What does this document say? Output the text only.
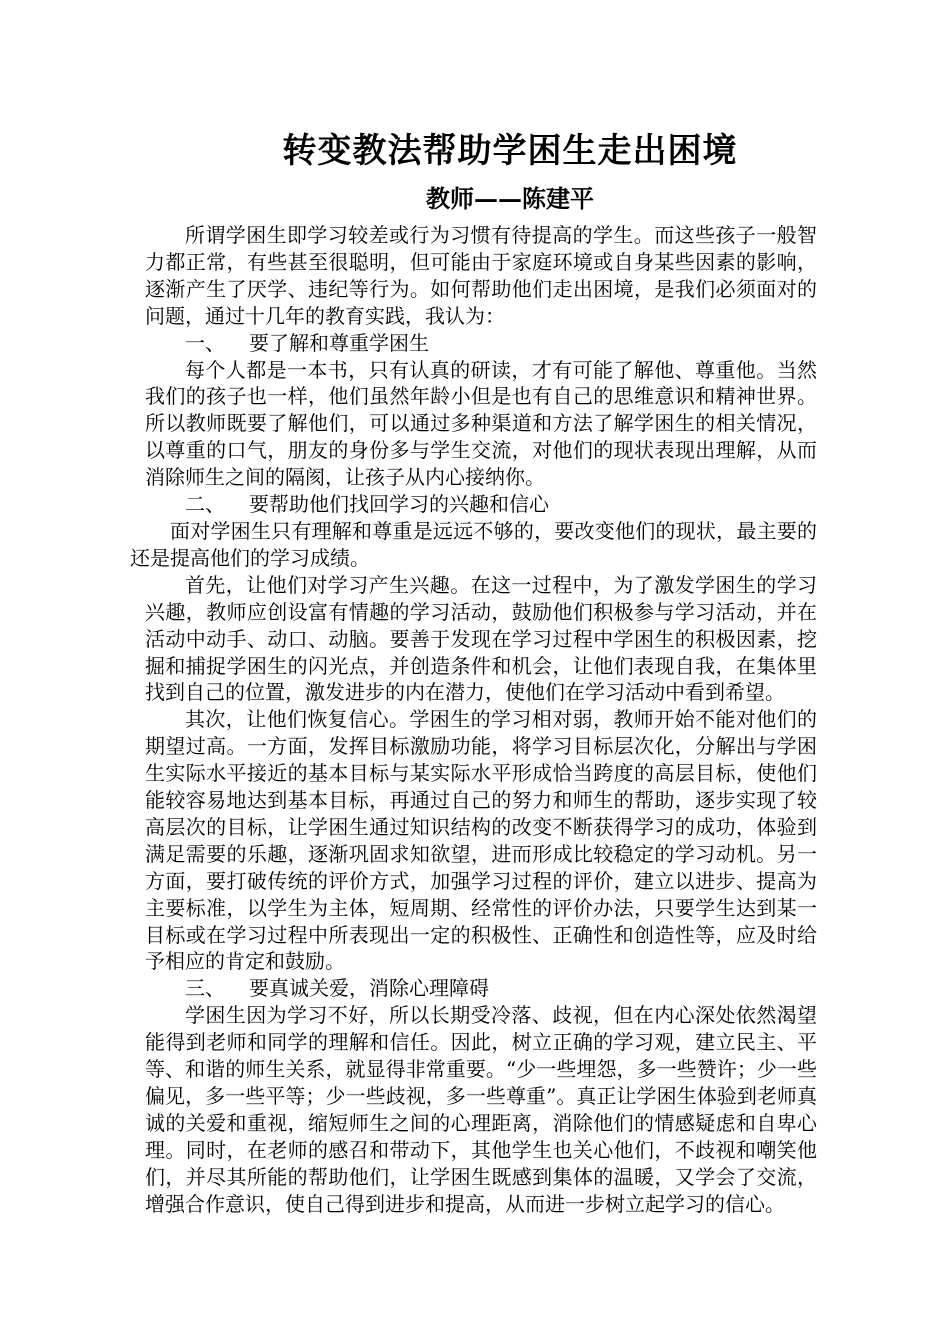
转变教法帮助学困生走出困境
教师——陈建平

所谓学困生即学习较差或行为习惯有待提高的学生。而这些孩子一般智力都正常，有些甚至很聪明，但可能由于家庭环境或自身某些因素的影响，逐渐产生了厌学、违纪等行为。如何帮助他们走出困境，是我们必须面对的问题，通过十几年的教育实践，我认为：

一、 要了解和尊重学困生

每个人都是一本书，只有认真的研读，才有可能了解他、尊重他。当然我们的孩子也一样，他们虽然年龄小但是也有自己的思维意识和精神世界。所以教师既要了解他们，可以通过多种渠道和方法了解学困生的相关情况，以尊重的口气，朋友的身份多与学生交流，对他们的现状表现出理解，从而消除师生之间的隔阂，让孩子从内心接纳你。

二、 要帮助他们找回学习的兴趣和信心

面对学困生只有理解和尊重是远远不够的，要改变他们的现状，最主要的还是提高他们的学习成绩。

首先，让他们对学习产生兴趣。在这一过程中，为了激发学困生的学习兴趣，教师应创设富有情趣的学习活动，鼓励他们积极参与学习活动，并在活动中动手、动口、动脑。要善于发现在学习过程中学困生的积极因素，挖掘和捕捉学困生的闪光点，并创造条件和机会，让他们表现自我，在集体里找到自己的位置，激发进步的内在潜力，使他们在学习活动中看到希望。

其次，让他们恢复信心。学困生的学习相对弱，教师开始不能对他们的期望过高。一方面，发挥目标激励功能，将学习目标层次化，分解出与学困生实际水平接近的基本目标与某实际水平形成恰当跨度的高层目标，使他们能较容易地达到基本目标，再通过自己的努力和师生的帮助，逐步实现了较高层次的目标，让学困生通过知识结构的改变不断获得学习的成功，体验到满足需要的乐趣，逐渐巩固求知欲望，进而形成比较稳定的学习动机。另一方面，要打破传统的评价方式，加强学习过程的评价，建立以进步、提高为主要标准，以学生为主体，短周期、经常性的评价办法，只要学生达到某一目标或在学习过程中所表现出一定的积极性、正确性和创造性等，应及时给予相应的肯定和鼓励。

三、 要真诚关爱，消除心理障碍

学困生因为学习不好，所以长期受冷落、歧视，但在内心深处依然渴望能得到老师和同学的理解和信任。因此，树立正确的学习观，建立民主、平等、和谐的师生关系，就显得非常重要。“少一些埋怨，多一些赞许；少一些偏见，多一些平等；少一些歧视，多一些尊重”。真正让学困生体验到老师真诚的关爱和重视，缩短师生之间的心理距离，消除他们的情感疑虑和自卑心理。同时，在老师的感召和带动下，其他学生也关心他们，不歧视和嘲笑他们，并尽其所能的帮助他们，让学困生既感到集体的温暖，又学会了交流，增强合作意识，使自己得到进步和提高，从而进一步树立起学习的信心。
